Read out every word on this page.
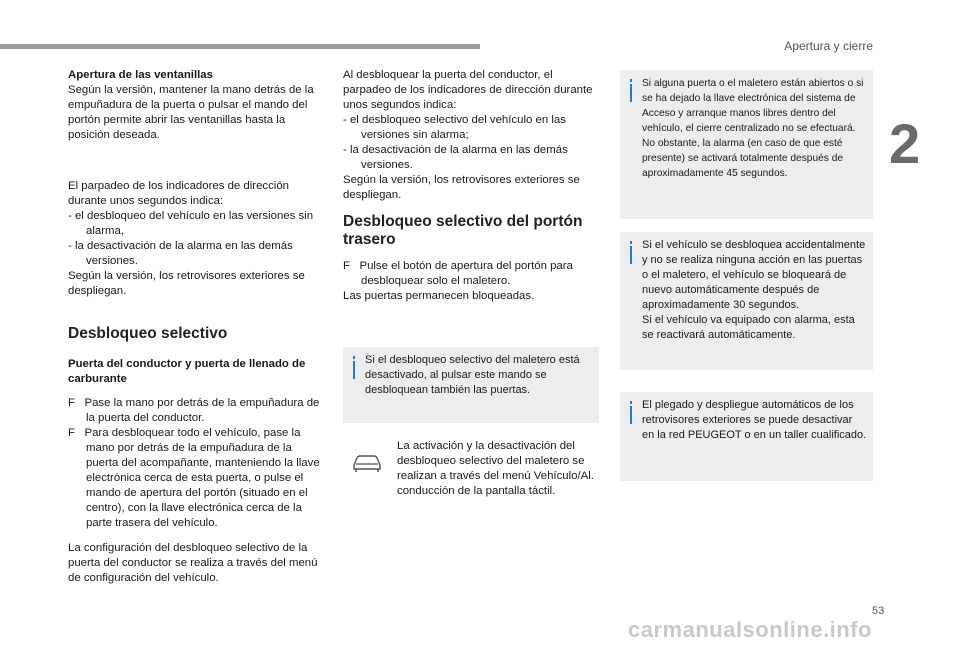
Apertura y cierre
2

Apertura de las ventanillas

Según la versión, mantener la mano detrás de la empuñadura de la puerta o pulsar el mando del portón permite abrir las ventanillas hasta la posición deseada.

El parpadeo de los indicadores de dirección durante unos segundos indica:

- el desbloqueo del vehículo en las versiones sin alarma,

- la desactivación de la alarma en las demás versiones.

Según la versión, los retrovisores exteriores se despliegan.

Desbloqueo selectivo

Puerta del conductor y puerta de llenado de carburante

F Pase la mano por detrás de la empuñadura de la puerta del conductor.

F Para desbloquear todo el vehículo, pase la mano por detrás de la empuñadura de la puerta del acompañante, manteniendo la llave electrónica cerca de esta puerta, o pulse el mando de apertura del portón (situado en el centro), con la llave electrónica cerca de la parte trasera del vehículo.

La configuración del desbloqueo selectivo de la puerta del conductor se realiza a través del menú de configuración del vehículo.

Al desbloquear la puerta del conductor, el parpadeo de los indicadores de dirección durante unos segundos indica:

- el desbloqueo selectivo del vehículo en las versiones sin alarma;

- la desactivación de la alarma en las demás versiones.

Según la versión, los retrovisores exteriores se despliegan.

Desbloqueo selectivo del portón trasero

F Pulse el botón de apertura del portón para desbloquear solo el maletero.

Las puertas permanecen bloqueadas.

Si el desbloqueo selectivo del maletero está desactivado, al pulsar este mando se desbloquean también las puertas.

La activación y la desactivación del desbloqueo selectivo del maletero se realizan a través del menú Vehículo/Al. conducción de la pantalla táctil.

Si alguna puerta o el maletero están abiertos o si se ha dejado la llave electrónica del sistema de Acceso y arranque manos libres dentro del vehículo, el cierre centralizado no se efectuará.

No obstante, la alarma (en caso de que esté presente) se activará totalmente después de aproximadamente 45 segundos.

Si el vehículo se desbloquea accidentalmente y no se realiza ninguna acción en las puertas o el maletero, el vehículo se bloqueará de nuevo automáticamente después de aproximadamente 30 segundos.

Si el vehículo va equipado con alarma, esta se reactivará automáticamente.

El plegado y despliegue automáticos de los retrovisores exteriores se puede desactivar en la red PEUGEOT o en un taller cualificado.
53
carmanualsonline.info
